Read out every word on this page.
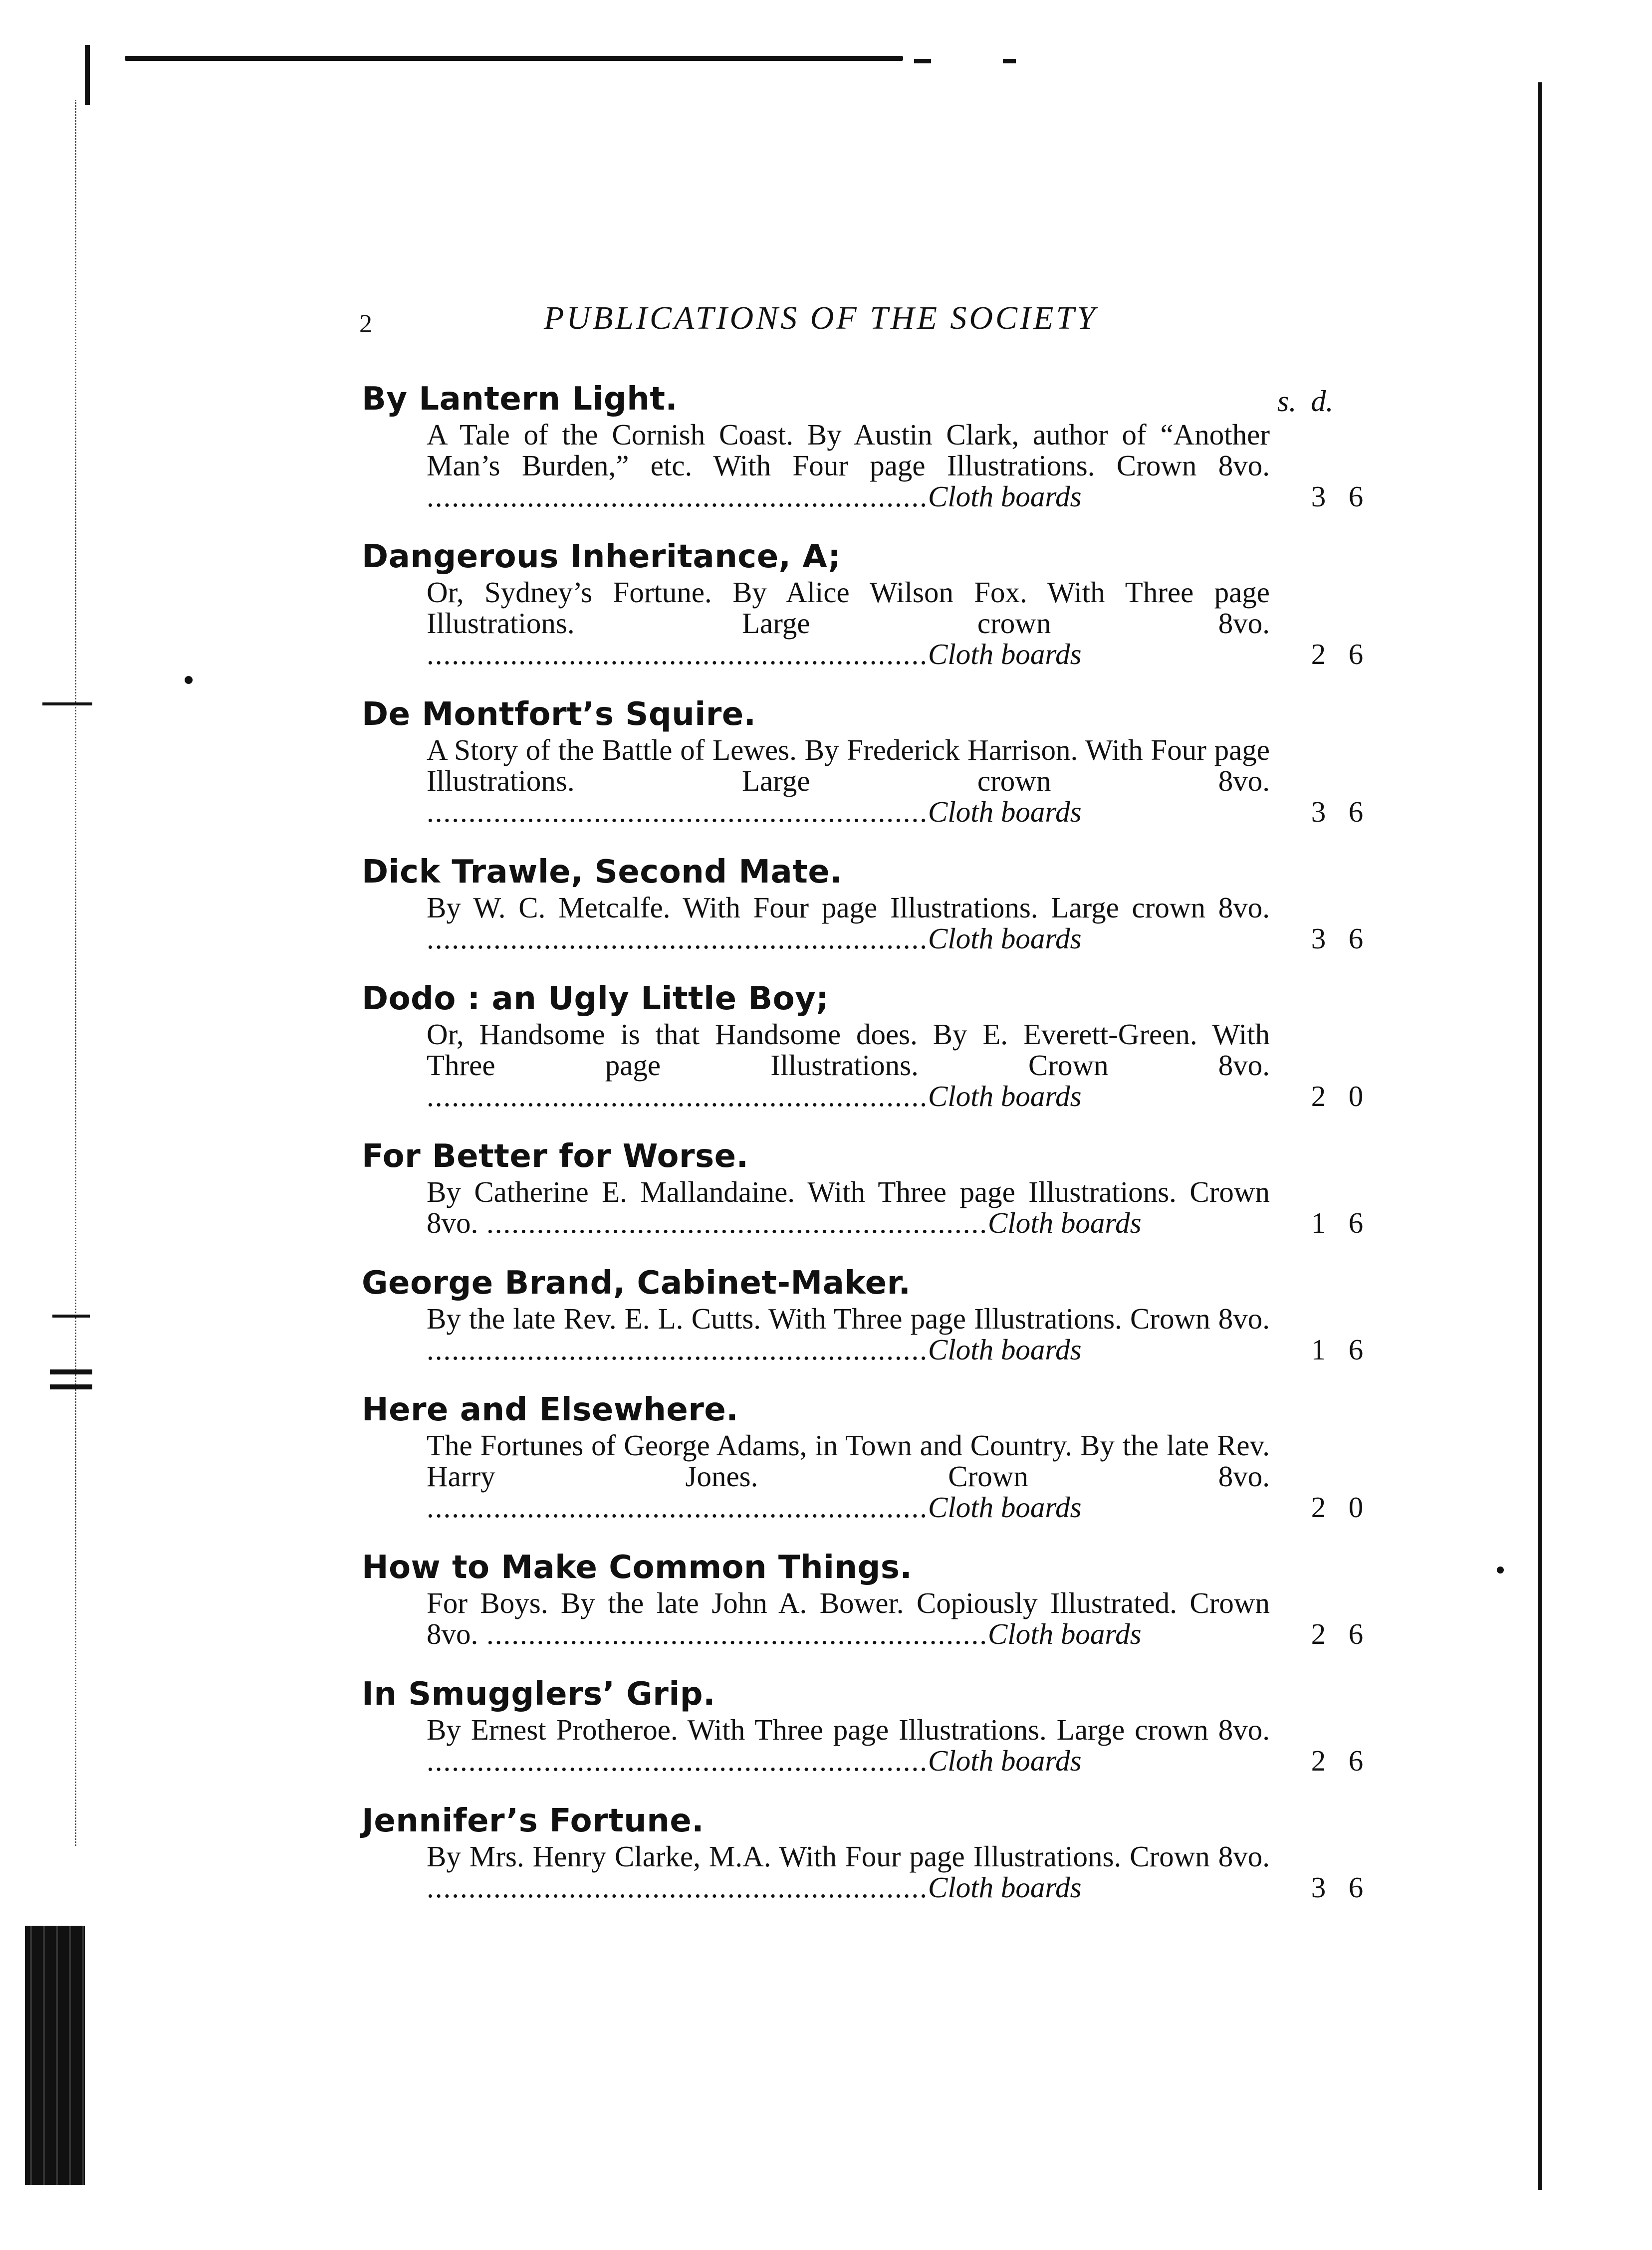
2	PUBLICATIONS OF THE SOCIETY
s. d.
By Lantern Light.
A Tale of the Cornish Coast. By Austin Clark, author of “Another Man’s Burden,” etc. With Four page Illustrations. Crown 8vo. ............................................................Cloth boards	3 6
Dangerous Inheritance, A;
Or, Sydney’s Fortune. By Alice Wilson Fox. With Three page Illustrations. Large crown 8vo. ............................................................Cloth boards	2 6
De Montfort’s Squire.
A Story of the Battle of Lewes. By Frederick Harrison. With Four page Illustrations. Large crown 8vo. ............................................................Cloth boards	3 6
Dick Trawle, Second Mate.
By W. C. Metcalfe. With Four page Illustrations. Large crown 8vo. ............................................................Cloth boards	3 6
Dodo : an Ugly Little Boy;
Or, Handsome is that Handsome does. By E. Everett-Green. With Three page Illustrations. Crown 8vo. ............................................................Cloth boards	2 0
For Better for Worse.
By Catherine E. Mallandaine. With Three page Illustrations. Crown 8vo. ............................................................Cloth boards	1 6
George Brand, Cabinet-Maker.
By the late Rev. E. L. Cutts. With Three page Illustrations. Crown 8vo. ............................................................Cloth boards	1 6
Here and Elsewhere.
The Fortunes of George Adams, in Town and Country. By the late Rev. Harry Jones. Crown 8vo. ............................................................Cloth boards	2 0
How to Make Common Things.
For Boys. By the late John A. Bower. Copiously Illustrated. Crown 8vo. ............................................................Cloth boards	2 6
In Smugglers’ Grip.
By Ernest Protheroe. With Three page Illustrations. Large crown 8vo. ............................................................Cloth boards	2 6
Jennifer’s Fortune.
By Mrs. Henry Clarke, M.A. With Four page Illustrations. Crown 8vo. ............................................................Cloth boards	3 6
